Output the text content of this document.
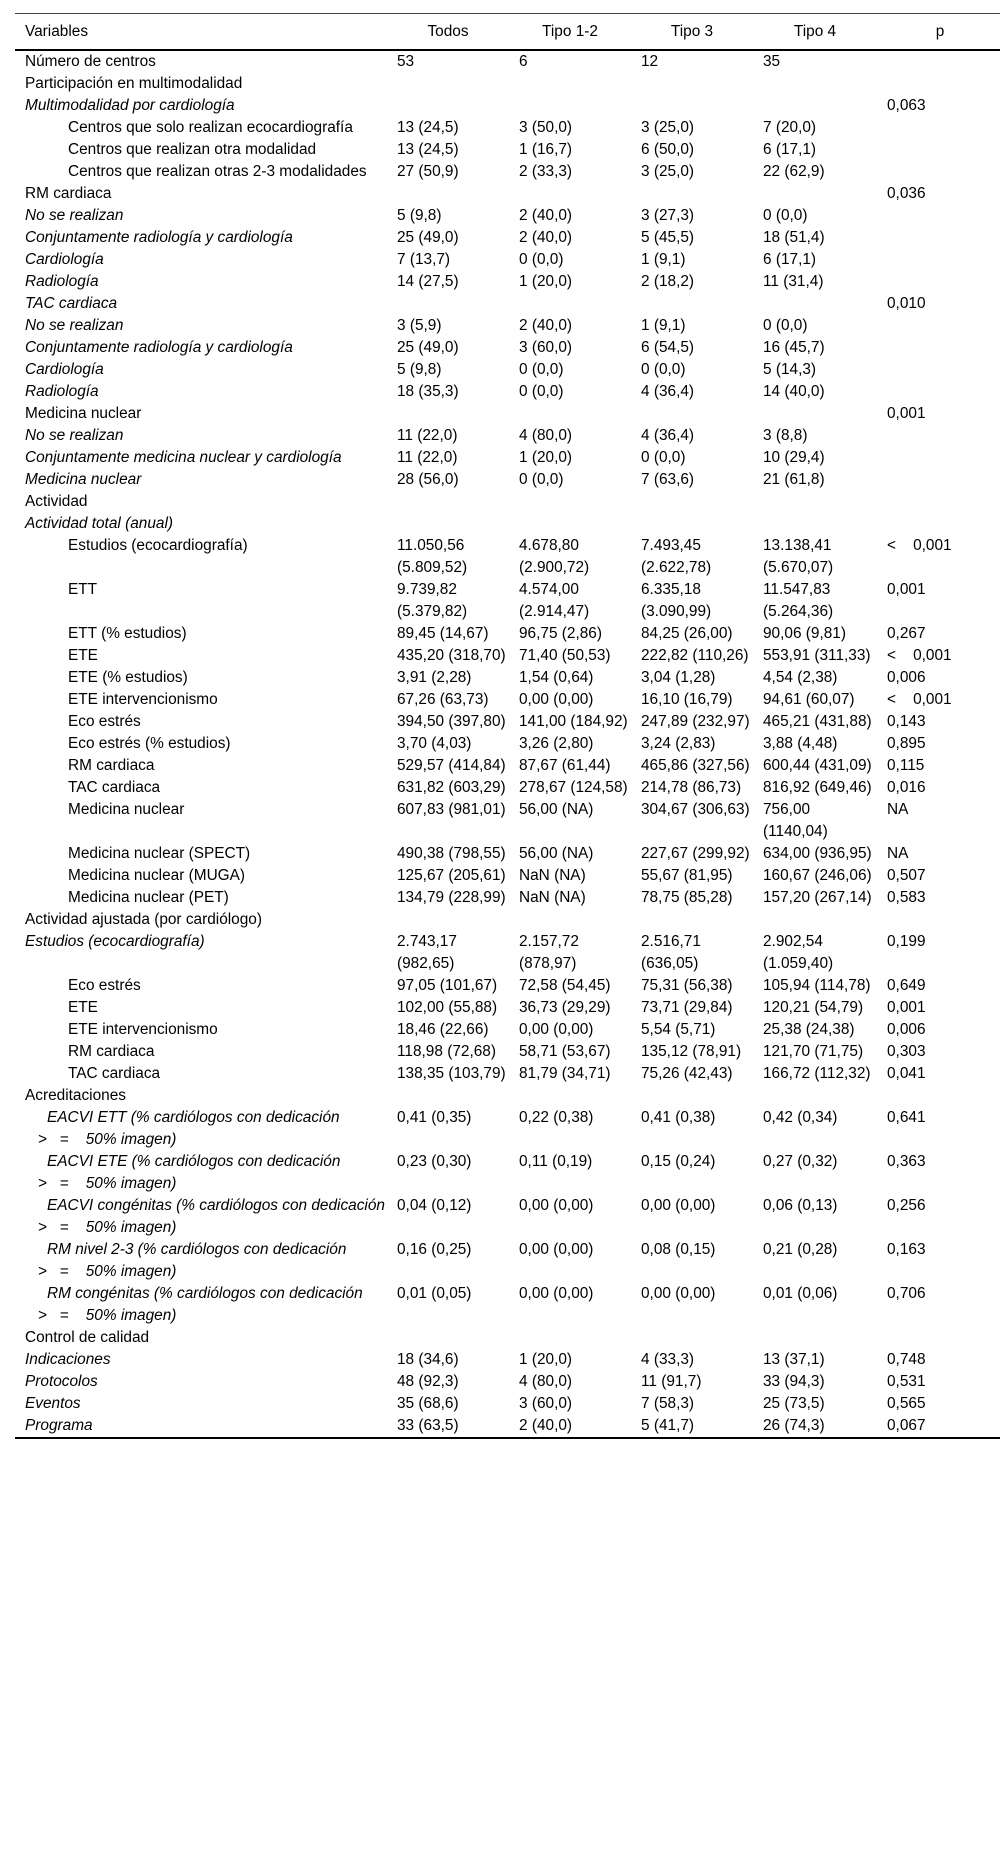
Variables	Todos	Tipo 1-2	Tipo 3	Tipo 4	p
Número de centros	53	6	12	35	
Participación en multimodalidad					
Multimodalidad por cardiología					0,063
Centros que solo realizan ecocardiografía	13 (24,5)	3 (50,0)	3 (25,0)	7 (20,0)	
Centros que realizan otra modalidad	13 (24,5)	1 (16,7)	6 (50,0)	6 (17,1)	
Centros que realizan otras 2-3 modalidades	27 (50,9)	2 (33,3)	3 (25,0)	22 (62,9)	
RM cardiaca					0,036
No se realizan	5 (9,8)	2 (40,0)	3 (27,3)	0 (0,0)	
Conjuntamente radiología y cardiología	25 (49,0)	2 (40,0)	5 (45,5)	18 (51,4)	
Cardiología	7 (13,7)	0 (0,0)	1 (9,1)	6 (17,1)	
Radiología	14 (27,5)	1 (20,0)	2 (18,2)	11 (31,4)	
TAC cardiaca					0,010
No se realizan	3 (5,9)	2 (40,0)	1 (9,1)	0 (0,0)	
Conjuntamente radiología y cardiología	25 (49,0)	3 (60,0)	6 (54,5)	16 (45,7)	
Cardiología	5 (9,8)	0 (0,0)	0 (0,0)	5 (14,3)	
Radiología	18 (35,3)	0 (0,0)	4 (36,4)	14 (40,0)	
Medicina nuclear					0,001
No se realizan	11 (22,0)	4 (80,0)	4 (36,4)	3 (8,8)	
Conjuntamente medicina nuclear y cardiología	11 (22,0)	1 (20,0)	0 (0,0)	10 (29,4)	
Medicina nuclear	28 (56,0)	0 (0,0)	7 (63,6)	21 (61,8)	
Actividad					
Actividad total (anual)					
Estudios (ecocardiografía)	11.050,56 (5.809,52)	4.678,80 (2.900,72)	7.493,45 (2.622,78)	13.138,41 (5.670,07)	<    0,001
ETT	9.739,82 (5.379,82)	4.574,00 (2.914,47)	6.335,18 (3.090,99)	11.547,83 (5.264,36)	0,001
ETT (% estudios)	89,45 (14,67)	96,75 (2,86)	84,25 (26,00)	90,06 (9,81)	0,267
ETE	435,20 (318,70)	71,40 (50,53)	222,82 (110,26)	553,91 (311,33)	<    0,001
ETE (% estudios)	3,91 (2,28)	1,54 (0,64)	3,04 (1,28)	4,54 (2,38)	0,006
ETE intervencionismo	67,26 (63,73)	0,00 (0,00)	16,10 (16,79)	94,61 (60,07)	<    0,001
Eco estrés	394,50 (397,80)	141,00 (184,92)	247,89 (232,97)	465,21 (431,88)	0,143
Eco estrés (% estudios)	3,70 (4,03)	3,26 (2,80)	3,24 (2,83)	3,88 (4,48)	0,895
RM cardiaca	529,57 (414,84)	87,67 (61,44)	465,86 (327,56)	600,44 (431,09)	0,115
TAC cardiaca	631,82 (603,29)	278,67 (124,58)	214,78 (86,73)	816,92 (649,46)	0,016
Medicina nuclear	607,83 (981,01)	56,00 (NA)	304,67 (306,63)	756,00 (1140,04)	NA
Medicina nuclear (SPECT)	490,38 (798,55)	56,00 (NA)	227,67 (299,92)	634,00 (936,95)	NA
Medicina nuclear (MUGA)	125,67 (205,61)	NaN (NA)	55,67 (81,95)	160,67 (246,06)	0,507
Medicina nuclear (PET)	134,79 (228,99)	NaN (NA)	78,75 (85,28)	157,20 (267,14)	0,583
Actividad ajustada (por cardiólogo)					
Estudios (ecocardiografía)	2.743,17 (982,65)	2.157,72 (878,97)	2.516,71 (636,05)	2.902,54 (1.059,40)	0,199
Eco estrés	97,05 (101,67)	72,58 (54,45)	75,31 (56,38)	105,94 (114,78)	0,649
ETE	102,00 (55,88)	36,73 (29,29)	73,71 (29,84)	120,21 (54,79)	0,001
ETE intervencionismo	18,46 (22,66)	0,00 (0,00)	5,54 (5,71)	25,38 (24,38)	0,006
RM cardiaca	118,98 (72,68)	58,71 (53,67)	135,12 (78,91)	121,70 (71,75)	0,303
TAC cardiaca	138,35 (103,79)	81,79 (34,71)	75,26 (42,43)	166,72 (112,32)	0,041
Acreditaciones					
EACVI ETT (% cardiólogos con dedicación    >   =    50% imagen)	0,41 (0,35)	0,22 (0,38)	0,41 (0,38)	0,42 (0,34)	0,641
EACVI ETE (% cardiólogos con dedicación    >   =    50% imagen)	0,23 (0,30)	0,11 (0,19)	0,15 (0,24)	0,27 (0,32)	0,363
EACVI congénitas (% cardiólogos con dedicación    >   =    50% imagen)	0,04 (0,12)	0,00 (0,00)	0,00 (0,00)	0,06 (0,13)	0,256
RM nivel 2-3 (% cardiólogos con dedicación    >   =    50% imagen)	0,16 (0,25)	0,00 (0,00)	0,08 (0,15)	0,21 (0,28)	0,163
RM congénitas (% cardiólogos con dedicación    >   =    50% imagen)	0,01 (0,05)	0,00 (0,00)	0,00 (0,00)	0,01 (0,06)	0,706
Control de calidad					
Indicaciones	18 (34,6)	1 (20,0)	4 (33,3)	13 (37,1)	0,748
Protocolos	48 (92,3)	4 (80,0)	11 (91,7)	33 (94,3)	0,531
Eventos	35 (68,6)	3 (60,0)	7 (58,3)	25 (73,5)	0,565
Programa	33 (63,5)	2 (40,0)	5 (41,7)	26 (74,3)	0,067
